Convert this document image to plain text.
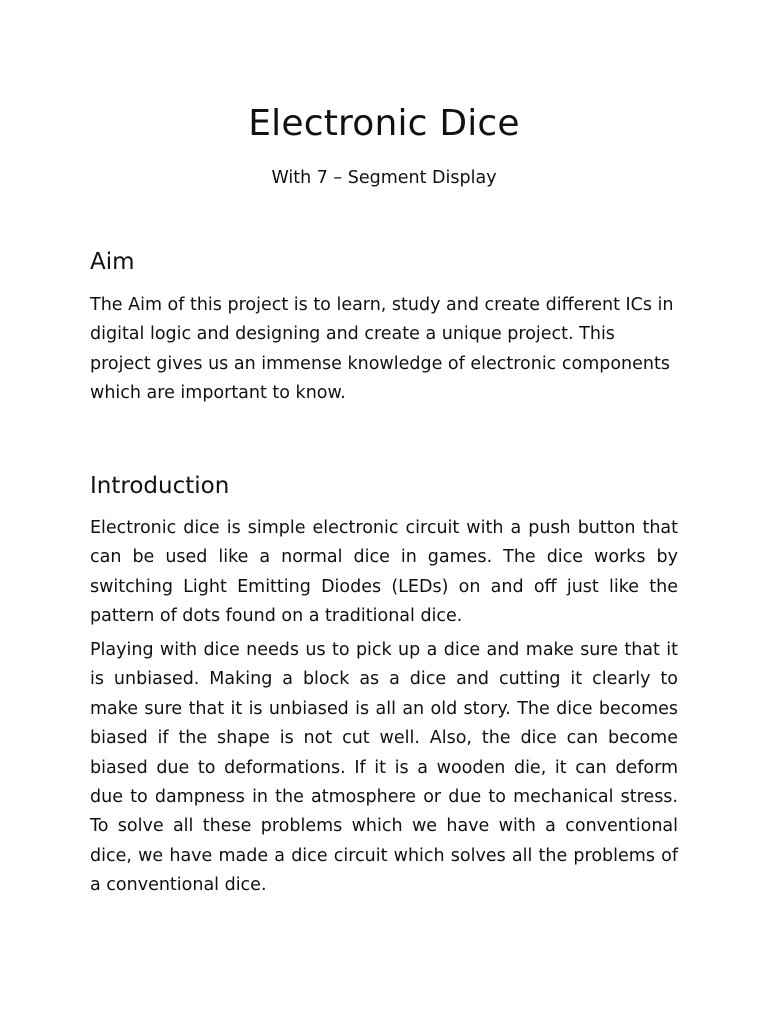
Electronic Dice

With 7 – Segment Display

Aim

The Aim of this project is to learn, study and create different ICs in digital logic and designing and create a unique project. This project gives us an immense knowledge of electronic components which are important to know.

Introduction

Electronic dice is simple electronic circuit with a push button that can be used like a normal dice in games. The dice works by switching Light Emitting Diodes (LEDs) on and off just like the pattern of dots found on a traditional dice.

Playing with dice needs us to pick up a dice and make sure that it is unbiased. Making a block as a dice and cutting it clearly to make sure that it is unbiased is all an old story. The dice becomes biased if the shape is not cut well. Also, the dice can become biased due to deformations. If it is a wooden die, it can deform due to dampness in the atmosphere or due to mechanical stress. To solve all these problems which we have with a conventional dice, we have made a dice circuit which solves all the problems of a conventional dice.
